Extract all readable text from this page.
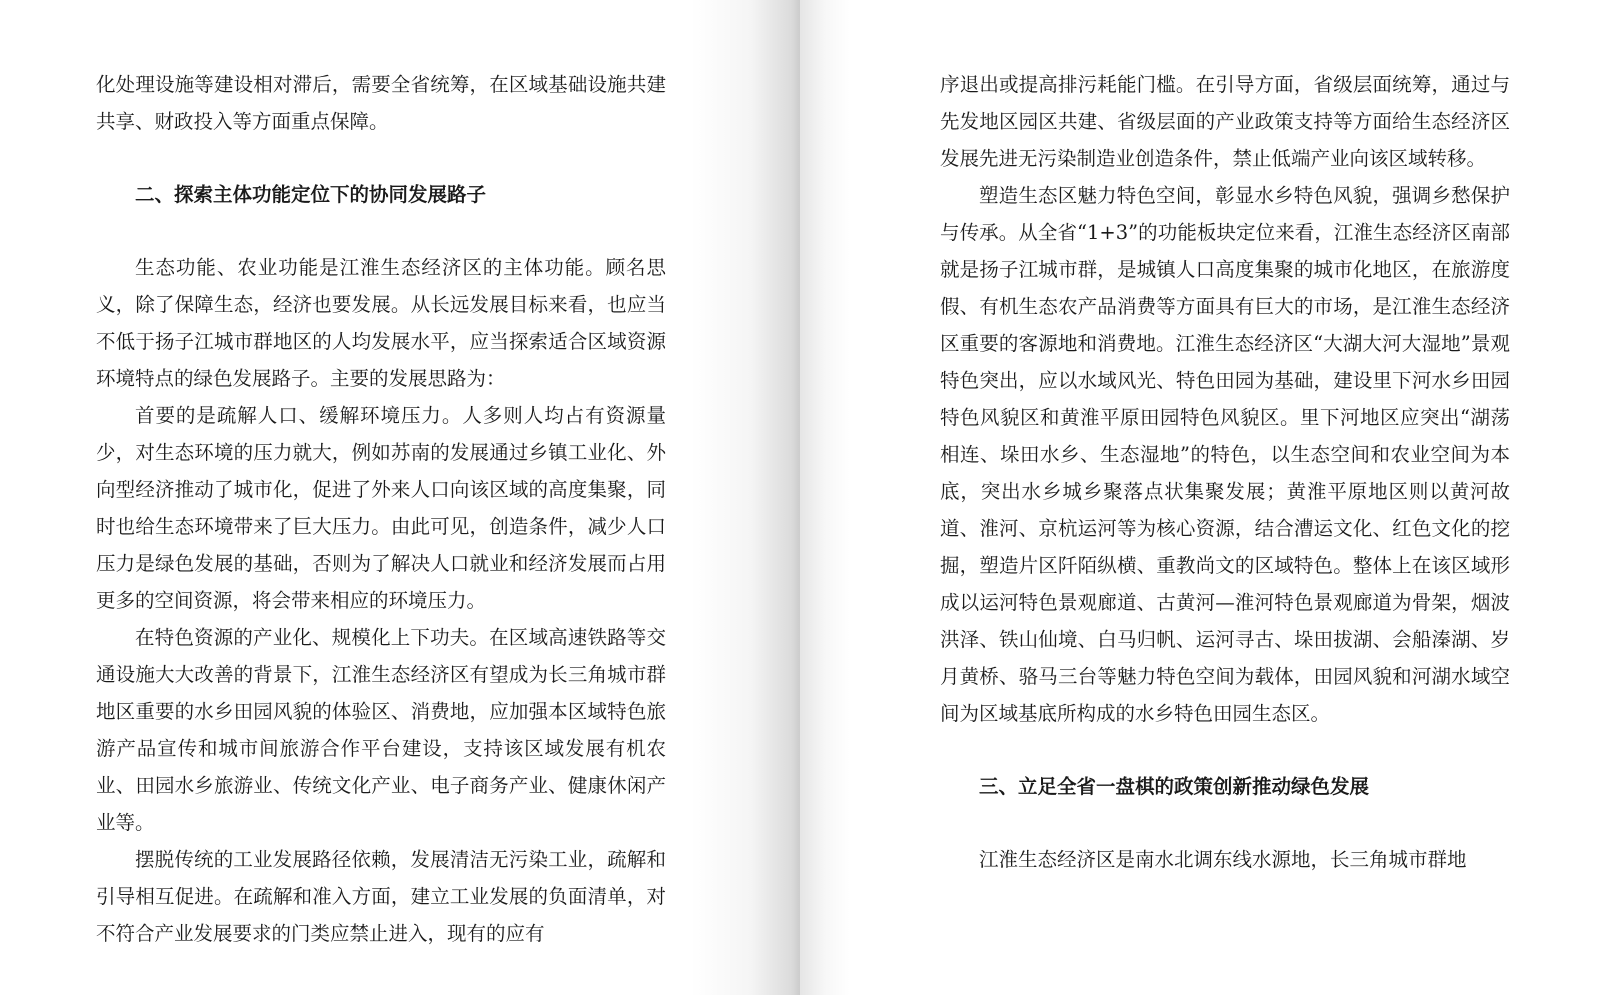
化处理设施等建设相对滞后，需要全省统筹，在区域基础设施共建共享、财政投入等方面重点保障。

二、探索主体功能定位下的协同发展路子

生态功能、农业功能是江淮生态经济区的主体功能。顾名思义，除了保障生态，经济也要发展。从长远发展目标来看，也应当不低于扬子江城市群地区的人均发展水平，应当探索适合区域资源环境特点的绿色发展路子。主要的发展思路为：

首要的是疏解人口、缓解环境压力。人多则人均占有资源量少，对生态环境的压力就大，例如苏南的发展通过乡镇工业化、外向型经济推动了城市化，促进了外来人口向该区域的高度集聚，同时也给生态环境带来了巨大压力。由此可见，创造条件，减少人口压力是绿色发展的基础，否则为了解决人口就业和经济发展而占用更多的空间资源，将会带来相应的环境压力。

在特色资源的产业化、规模化上下功夫。在区域高速铁路等交通设施大大改善的背景下，江淮生态经济区有望成为长三角城市群地区重要的水乡田园风貌的体验区、消费地，应加强本区域特色旅游产品宣传和城市间旅游合作平台建设，支持该区域发展有机农业、田园水乡旅游业、传统文化产业、电子商务产业、健康休闲产业等。

摆脱传统的工业发展路径依赖，发展清洁无污染工业，疏解和引导相互促进。在疏解和准入方面，建立工业发展的负面清单，对不符合产业发展要求的门类应禁止进入，现有的应有

序退出或提高排污耗能门槛。在引导方面，省级层面统筹，通过与先发地区园区共建、省级层面的产业政策支持等方面给生态经济区发展先进无污染制造业创造条件，禁止低端产业向该区域转移。

塑造生态区魅力特色空间，彰显水乡特色风貌，强调乡愁保护与传承。从全省“1+3”的功能板块定位来看，江淮生态经济区南部就是扬子江城市群，是城镇人口高度集聚的城市化地区，在旅游度假、有机生态农产品消费等方面具有巨大的市场，是江淮生态经济区重要的客源地和消费地。江淮生态经济区“大湖大河大湿地”景观特色突出，应以水域风光、特色田园为基础，建设里下河水乡田园特色风貌区和黄淮平原田园特色风貌区。里下河地区应突出“湖荡相连、垛田水乡、生态湿地”的特色，以生态空间和农业空间为本底，突出水乡城乡聚落点状集聚发展；黄淮平原地区则以黄河故道、淮河、京杭运河等为核心资源，结合漕运文化、红色文化的挖掘，塑造片区阡陌纵横、重教尚文的区域特色。整体上在该区域形成以运河特色景观廊道、古黄河—淮河特色景观廊道为骨架，烟波洪泽、铁山仙境、白马归帆、运河寻古、垛田拔湖、会船溱湖、岁月黄桥、骆马三台等魅力特色空间为载体，田园风貌和河湖水域空间为区域基底所构成的水乡特色田园生态区。

三、立足全省一盘棋的政策创新推动绿色发展

江淮生态经济区是南水北调东线水源地，长三角城市群地
